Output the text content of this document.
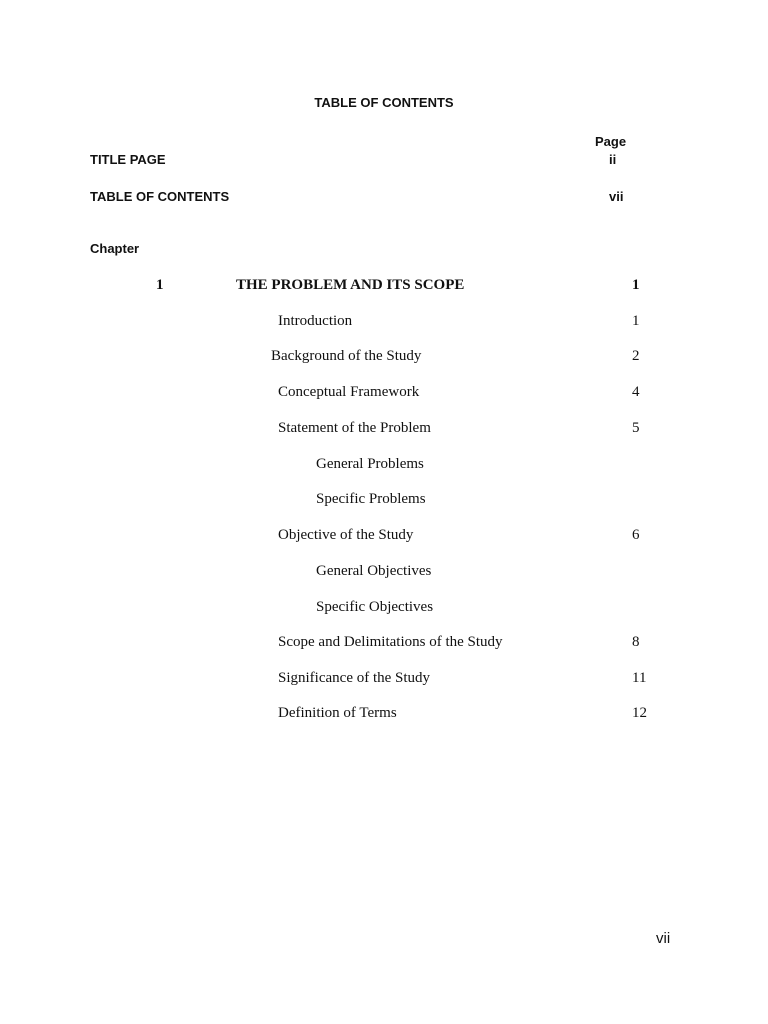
TABLE OF CONTENTS
Page
TITLE PAGE	ii
TABLE OF CONTENTS	vii
Chapter
1	THE PROBLEM AND ITS SCOPE	1
Introduction	1
Background of the Study	2
Conceptual Framework	4
Statement of the Problem	5
General Problems
Specific Problems
Objective of the Study	6
General Objectives
Specific Objectives
Scope and Delimitations of the Study	8
Significance of the Study	11
Definition of Terms	12
vii
